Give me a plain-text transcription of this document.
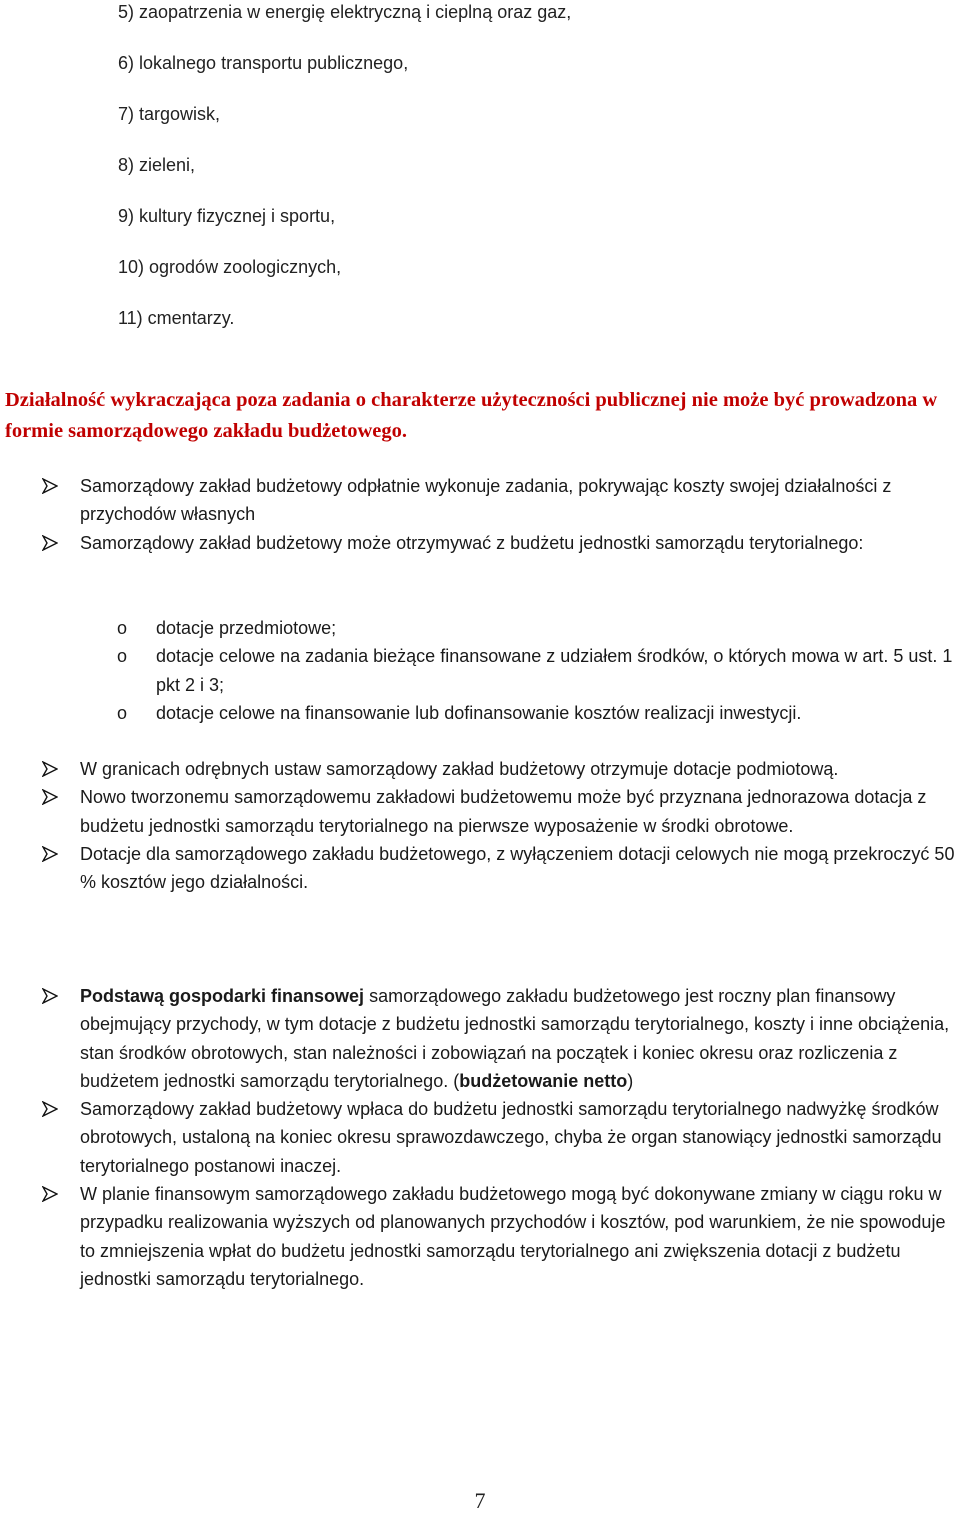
5) zaopatrzenia w energię elektryczną i cieplną oraz gaz,
6) lokalnego transportu publicznego,
7) targowisk,
8) zieleni,
9) kultury fizycznej i sportu,
10) ogrodów zoologicznych,
11) cmentarzy.

Działalność wykraczająca poza zadania o charakterze użyteczności publicznej nie może być prowadzona w formie samorządowego zakładu budżetowego.

Samorządowy zakład budżetowy odpłatnie wykonuje zadania, pokrywając koszty swojej działalności z przychodów własnych
Samorządowy zakład budżetowy może otrzymywać z budżetu jednostki samorządu terytorialnego:
o dotacje przedmiotowe;
o dotacje celowe na zadania bieżące finansowane z udziałem środków, o których mowa w art. 5 ust. 1 pkt 2 i 3;
o dotacje celowe na finansowanie lub dofinansowanie kosztów realizacji inwestycji.
W granicach odrębnych ustaw samorządowy zakład budżetowy otrzymuje dotacje podmiotową.
Nowo tworzonemu samorządowemu zakładowi budżetowemu może być przyznana jednorazowa dotacja z budżetu jednostki samorządu terytorialnego na pierwsze wyposażenie w środki obrotowe.
Dotacje dla samorządowego zakładu budżetowego, z wyłączeniem dotacji celowych nie mogą przekroczyć 50 % kosztów jego działalności.
Podstawą gospodarki finansowej samorządowego zakładu budżetowego jest roczny plan finansowy obejmujący przychody, w tym dotacje z budżetu jednostki samorządu terytorialnego, koszty i inne obciążenia, stan środków obrotowych, stan należności i zobowiązań na początek i koniec okresu oraz rozliczenia z budżetem jednostki samorządu terytorialnego. (budżetowanie netto)
Samorządowy zakład budżetowy wpłaca do budżetu jednostki samorządu terytorialnego nadwyżkę środków obrotowych, ustaloną na koniec okresu sprawozdawczego, chyba że organ stanowiący jednostki samorządu terytorialnego postanowi inaczej.
W planie finansowym samorządowego zakładu budżetowego mogą być dokonywane zmiany w ciągu roku w przypadku realizowania wyższych od planowanych przychodów i kosztów, pod warunkiem, że nie spowoduje to zmniejszenia wpłat do budżetu jednostki samorządu terytorialnego ani zwiększenia dotacji z budżetu jednostki samorządu terytorialnego.
7
